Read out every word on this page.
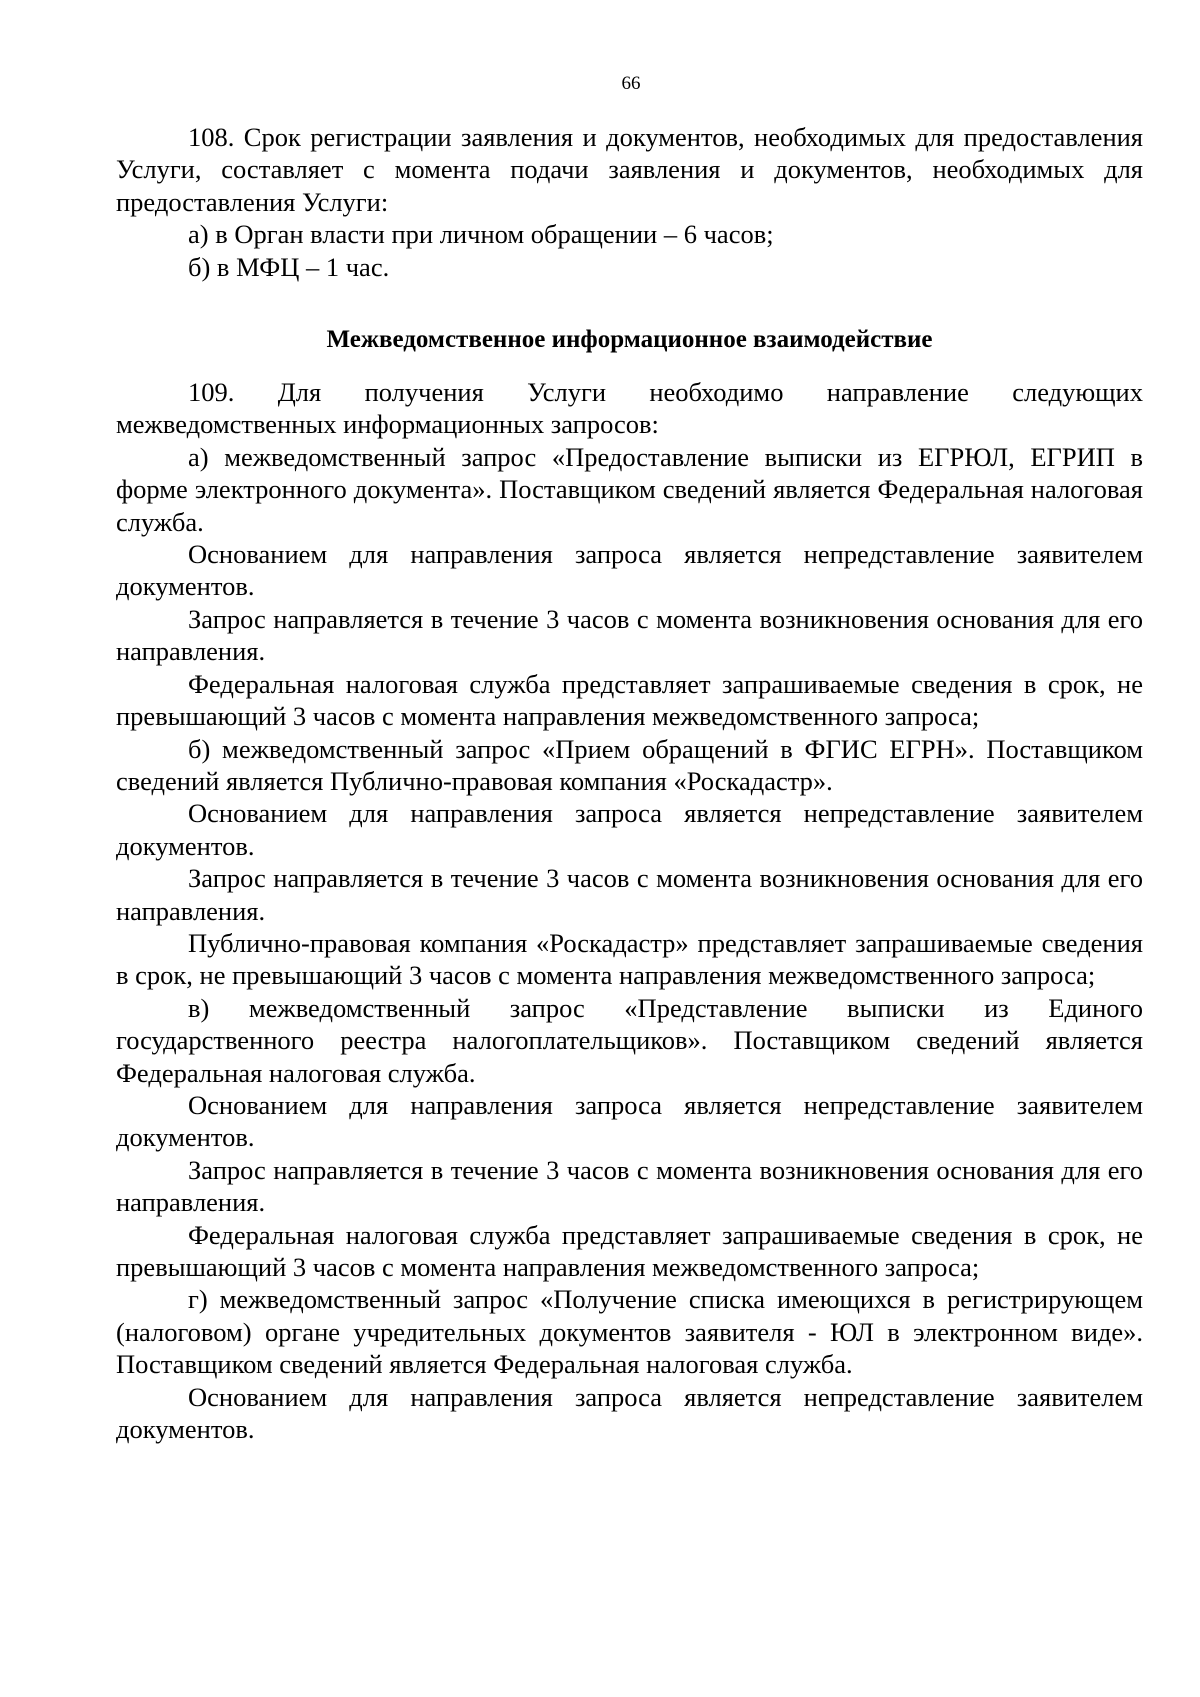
66

108. Срок регистрации заявления и документов, необходимых для предоставления Услуги, составляет с момента подачи заявления и документов, необходимых для предоставления Услуги:

а) в Орган власти при личном обращении – 6 часов;

б) в МФЦ – 1 час.

Межведомственное информационное взаимодействие

109. Для получения Услуги необходимо направление следующих межведомственных информационных запросов:

а) межведомственный запрос «Предоставление выписки из ЕГРЮЛ, ЕГРИП в форме электронного документа». Поставщиком сведений является Федеральная налоговая служба.

Основанием для направления запроса является непредставление заявителем документов.

Запрос направляется в течение 3 часов с момента возникновения основания для его направления.

Федеральная налоговая служба представляет запрашиваемые сведения в срок, не превышающий 3 часов с момента направления межведомственного запроса;

б) межведомственный запрос «Прием обращений в ФГИС ЕГРН». Поставщиком сведений является Публично-правовая компания «Роскадастр».

Основанием для направления запроса является непредставление заявителем документов.

Запрос направляется в течение 3 часов с момента возникновения основания для его направления.

Публично-правовая компания «Роскадастр» представляет запрашиваемые сведения в срок, не превышающий 3 часов с момента направления межведомственного запроса;

в) межведомственный запрос «Представление выписки из Единого государственного реестра налогоплательщиков». Поставщиком сведений является Федеральная налоговая служба.

Основанием для направления запроса является непредставление заявителем документов.

Запрос направляется в течение 3 часов с момента возникновения основания для его направления.

Федеральная налоговая служба представляет запрашиваемые сведения в срок, не превышающий 3 часов с момента направления межведомственного запроса;

г) межведомственный запрос «Получение списка имеющихся в регистрирующем (налоговом) органе учредительных документов заявителя - ЮЛ в электронном виде». Поставщиком сведений является Федеральная налоговая служба.

Основанием для направления запроса является непредставление заявителем документов.
